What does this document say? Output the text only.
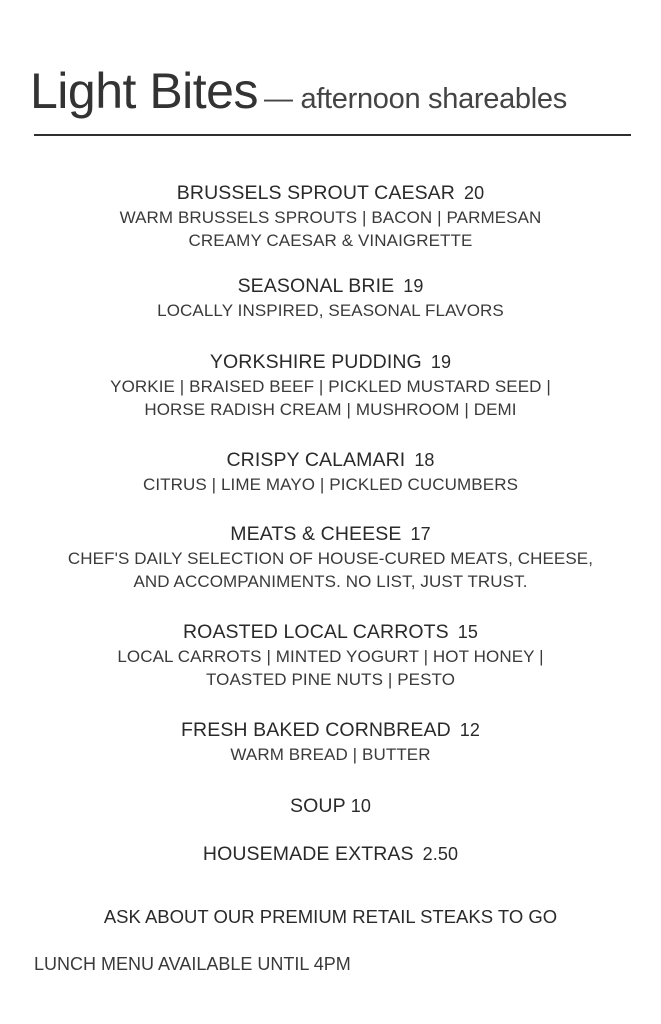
Light Bites — afternoon shareables
BRUSSELS SPROUT CAESAR 20
WARM BRUSSELS SPROUTS | BACON | PARMESAN
CREAMY CAESAR & VINAIGRETTE
SEASONAL BRIE 19
LOCALLY INSPIRED, SEASONAL FLAVORS
YORKSHIRE PUDDING 19
YORKIE | BRAISED BEEF | PICKLED MUSTARD SEED |
HORSE RADISH CREAM | MUSHROOM | DEMI
CRISPY CALAMARI 18
CITRUS | LIME MAYO | PICKLED CUCUMBERS
MEATS & CHEESE 17
CHEF'S DAILY SELECTION OF HOUSE-CURED MEATS, CHEESE,
AND ACCOMPANIMENTS. NO LIST, JUST TRUST.
ROASTED LOCAL CARROTS 15
LOCAL CARROTS | MINTED YOGURT | HOT HONEY |
TOASTED PINE NUTS | PESTO
FRESH BAKED CORNBREAD 12
WARM BREAD | BUTTER
SOUP 10
HOUSEMADE EXTRAS 2.50
ASK ABOUT OUR PREMIUM RETAIL STEAKS TO GO
LUNCH MENU AVAILABLE UNTIL 4PM
